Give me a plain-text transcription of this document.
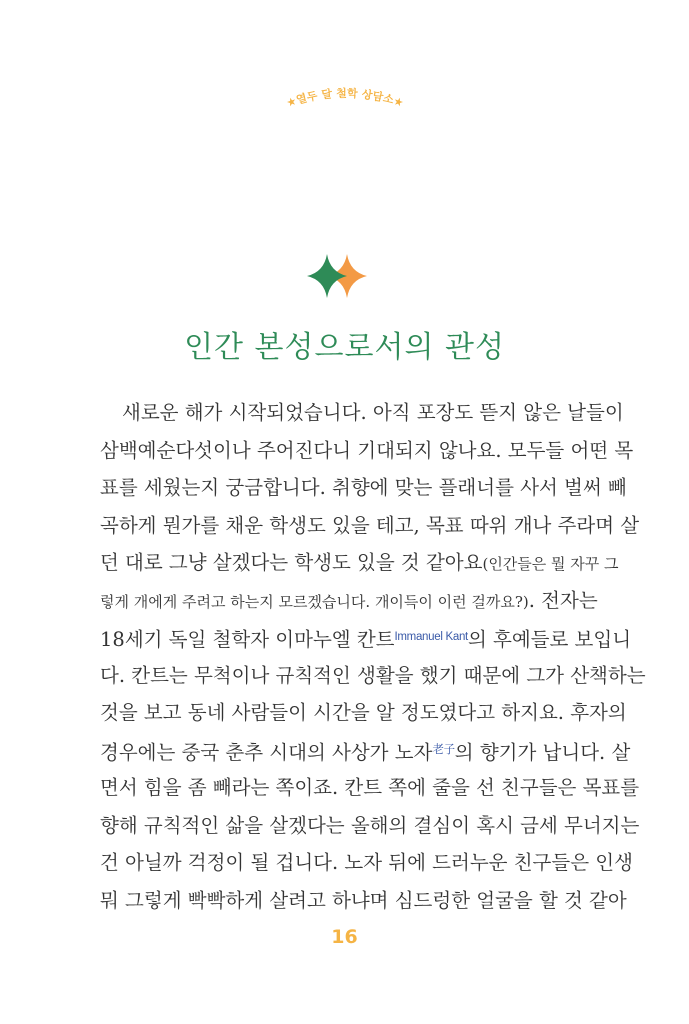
★열두 달 철학 상담소★
인간 본성으로서의 관성
새로운 해가 시작되었습니다. 아직 포장도 뜯지 않은 날들이
삼백예순다섯이나 주어진다니 기대되지 않나요. 모두들 어떤 목
표를 세웠는지 궁금합니다. 취향에 맞는 플래너를 사서 벌써 빼
곡하게 뭔가를 채운 학생도 있을 테고, 목표 따위 개나 주라며 살
던 대로 그냥 살겠다는 학생도 있을 것 같아요(인간들은 뭘 자꾸 그
렇게 개에게 주려고 하는지 모르겠습니다. 개이득이 이런 걸까요?). 전자는
18세기 독일 철학자 이마누엘 칸트$^{Immanuel Kant}$의 후예들로 보입니
다. 칸트는 무척이나 규칙적인 생활을 했기 때문에 그가 산책하는
것을 보고 동네 사람들이 시간을 알 정도였다고 하지요. 후자의
경우에는 중국 춘추 시대의 사상가 노자$^{老子}$의 향기가 납니다. 살
면서 힘을 좀 빼라는 쪽이죠. 칸트 쪽에 줄을 선 친구들은 목표를
향해 규칙적인 삶을 살겠다는 올해의 결심이 혹시 금세 무너지는
건 아닐까 걱정이 될 겁니다. 노자 뒤에 드러누운 친구들은 인생
뭐 그렇게 빡빡하게 살려고 하냐며 심드렁한 얼굴을 할 것 같아
16
